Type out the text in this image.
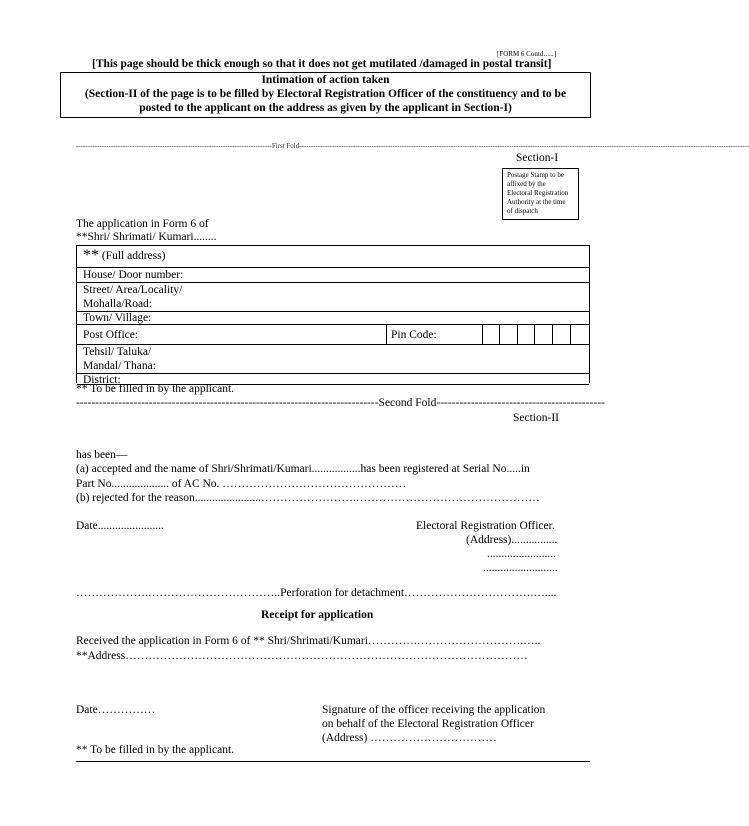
[FORM 6 Contd…..]
[This page should be thick enough so that it does not get mutilated /damaged in postal transit]
Intimation of action taken
(Section-II of the page is to be filled by Electoral Registration Officer of the constituency and to be
posted to the applicant on the address as given by the applicant in Section-I)
------------------------------------------------------------------------------------First Fold-------------------------------------------------------------------------------------------------------------------------------------------------------------------------------------------------
Section-I
Postage Stamp to be
affixed by the
Electoral Registration
Authority at the time
of dispatch
The application in Form 6 of
**Shri/ Shrimati/ Kumari........
** (Full address)
House/ Door number:
Street/ Area/Locality/
Mohalla/Road:
Town/ Village:
Post Office:	Pin Code:
Tehsil/ Taluka/
Mandal/ Thana:
District:
** To be filled in by the applicant.
-------------------------------------------------------------------------------Second Fold--------------------------------------------
Section-II
has been—
(a) accepted and the name of Shri/Shrimati/Kumari.................has been registered at Serial No.....in
Part No.................... of AC No. …………………………………………
(b) rejected for the reason.......................…………………….…………………………………………
Date.......................	Electoral Registration Officer.
(Address)................
........................
..........................
……………….……………………………..Perforation for detachment…………………………….…....
Receipt for application
Received the application in Form 6 of ** Shri/Shrimati/Kumari………….……………………….…..
**Address……………………………………………………………………………………………
Date……………	Signature of the officer receiving the application
on behalf of the Electoral Registration Officer
(Address) ……………………………
** To be filled in by the applicant.
